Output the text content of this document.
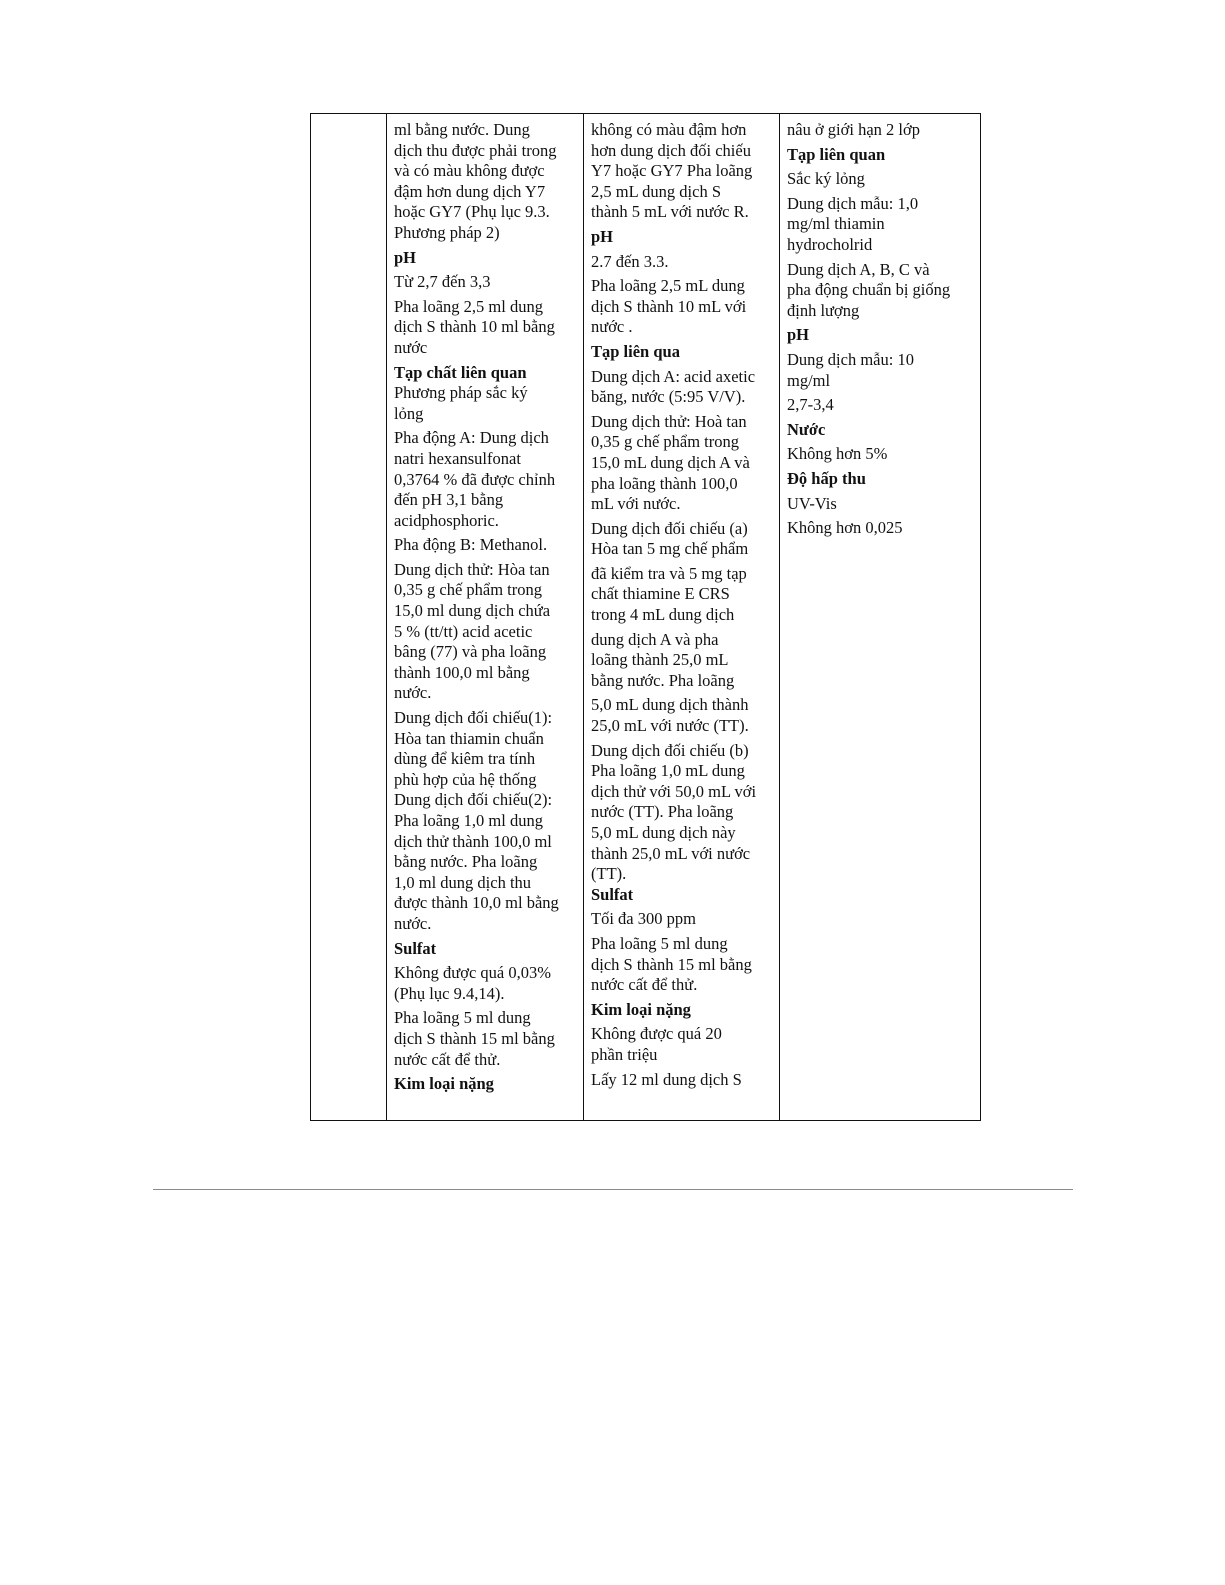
ml bằng nước. Dung
dịch thu được phải trong
và có màu không được
đậm hơn dung dịch Y7
hoặc GY7 (Phụ lục 9.3.
Phương pháp 2)
pH
Từ 2,7 đến 3,3
Pha loãng 2,5 ml dung
dịch S thành 10 ml bằng
nước
Tạp chất liên quan
Phương pháp sắc ký
lỏng
Pha động A: Dung dịch
natri hexansulfonat
0,3764 % đã được chỉnh
đến pH 3,1 bằng
acidphosphoric.
Pha động B: Methanol.
Dung dịch thử: Hòa tan
0,35 g chế phẩm trong
15,0 ml dung dịch chứa
5 % (tt/tt) acid acetic
bâng (77) và pha loãng
thành 100,0 ml bằng
nước.
Dung dịch đối chiếu(1):
Hòa tan thiamin chuẩn
dùng để kiêm tra tính
phù hợp của hệ thống
Dung dịch đối chiếu(2):
Pha loãng 1,0 ml dung
dịch thử thành 100,0 ml
bằng nước. Pha loãng
1,0 ml dung dịch thu
được thành 10,0 ml bằng
nước.
Sulfat
Không được quá 0,03%
(Phụ lục 9.4,14).
Pha loãng 5 ml dung
dịch S thành 15 ml bằng
nước cất để thử.
Kim loại nặng

không có màu đậm hơn
hơn dung dịch đối chiếu
Y7 hoặc GY7 Pha loãng
2,5 mL dung dịch S
thành 5 mL với nước R.
pH
2.7 đến 3.3.
Pha loãng 2,5 mL dung
dịch S thành 10 mL với
nước .
Tạp liên qua
Dung dịch A: acid axetic
băng, nước (5:95 V/V).
Dung dịch thử: Hoà tan
0,35 g chế phẩm trong
15,0 mL dung dịch A và
pha loãng thành 100,0
mL với nước.
Dung dịch đối chiếu (a)
Hòa tan 5 mg chế phẩm
đã kiểm tra và 5 mg tạp
chất thiamine E CRS
trong 4 mL dung dịch
dung dịch A và pha
loãng thành 25,0 mL
bằng nước. Pha loãng
5,0 mL dung dịch thành
25,0 mL với nước (TT).
Dung dịch đối chiếu (b)
Pha loãng 1,0 mL dung
dịch thử với 50,0 mL với
nước (TT). Pha loãng
5,0 mL dung dịch này
thành 25,0 mL với nước
(TT).
Sulfat
Tối đa 300 ppm
Pha loãng 5 ml dung
dịch S thành 15 ml bằng
nước cất để thử.
Kim loại nặng
Không được quá 20
phần triệu
Lấy 12 ml dung dịch S

nâu ở giới hạn 2 lớp
Tạp liên quan
Sắc ký lỏng
Dung dịch mẫu: 1,0
mg/ml thiamin
hydrocholrid
Dung dịch A, B, C và
pha động chuẩn bị giống
định lượng
pH
Dung dịch mẫu: 10
mg/ml
2,7-3,4
Nước
Không hơn 5%
Độ hấp thu
UV-Vis
Không hơn 0,025
